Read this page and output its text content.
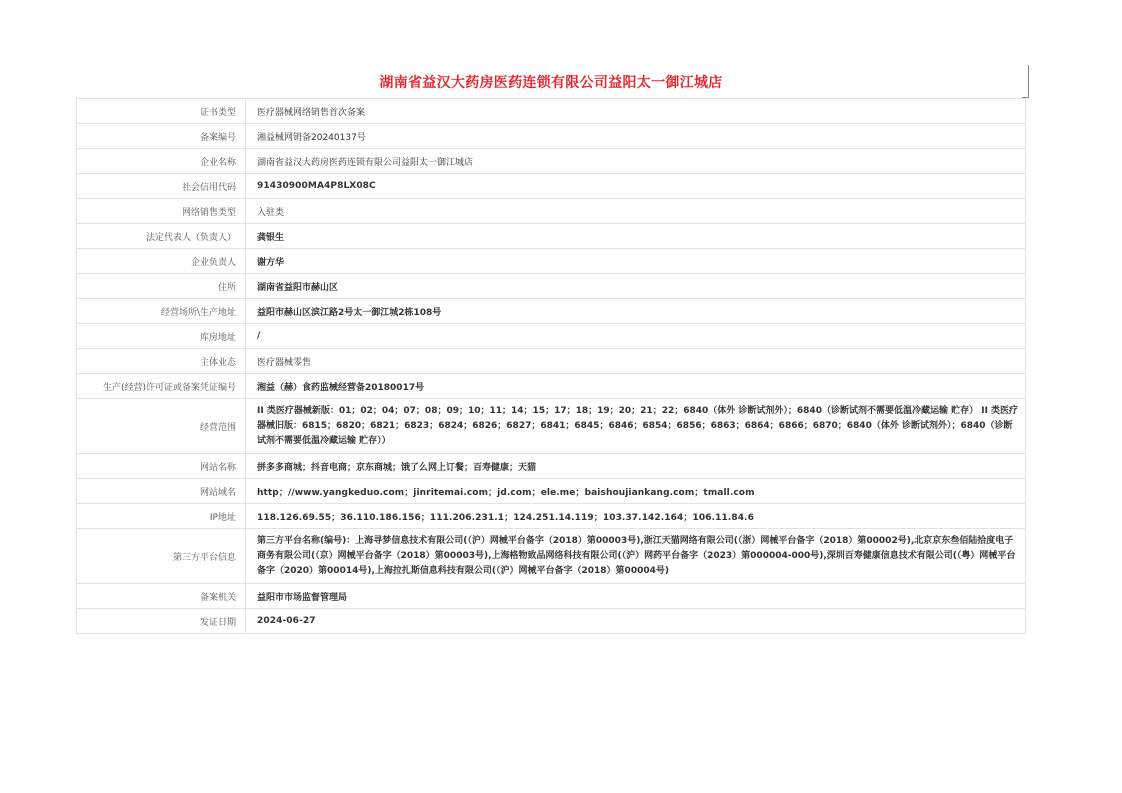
湖南省益汉大药房医药连锁有限公司益阳太一御江城店
证书类型	医疗器械网络销售首次备案
备案编号	湘益械网销备20240137号
企业名称	湖南省益汉大药房医药连锁有限公司益阳太一御江城店
社会信用代码	91430900MA4P8LX08C
网络销售类型	入驻类
法定代表人（负责人）	龚银生
企业负责人	谢方华
住所	湖南省益阳市赫山区
经营场所\生产地址	益阳市赫山区滨江路2号太一御江城2栋108号
库房地址	/
主体业态	医疗器械零售
生产(经营)许可证或备案凭证编号	湘益（赫）食药监械经营备20180017号
经营范围	II 类医疗器械新版：01；02；04；07；08；09；10；11；14；15；17；18；19；20；21；22；6840（体外 诊断试剂外）；6840（诊断试剂不需要低温冷藏运输 贮存） II 类医疗器械旧版：6815；6820；6821；6823；6824；6826；6827；6841；6845；6846；6854；6856；6863；6864；6866；6870；6840（体外 诊断试剂外）；6840（诊断试剂不需要低温冷藏运输 贮存））
网站名称	拼多多商城；抖音电商；京东商城；饿了么网上订餐；百寿健康；天猫
网站域名	http；//www.yangkeduo.com；jinritemai.com；jd.com；ele.me；baishoujiankang.com；tmall.com
IP地址	118.126.69.55；36.110.186.156；111.206.231.1；124.251.14.119；103.37.142.164；106.11.84.6
第三方平台信息	第三方平台名称(编号)：上海寻梦信息技术有限公司(（沪）网械平台备字（2018）第00003号),浙江天猫网络有限公司(（浙）网械平台备字（2018）第00002号),北京京东叁佰陆拾度电子商务有限公司(（京）网械平台备字（2018）第00003号),上海格物致品网络科技有限公司(（沪）网药平台备字（2023）第000004-000号),深圳百寿健康信息技术有限公司(（粤）网械平台备字（2020）第00014号),上海拉扎斯信息科技有限公司(（沪）网械平台备字（2018）第00004号)
备案机关	益阳市市场监督管理局
发证日期	2024-06-27
